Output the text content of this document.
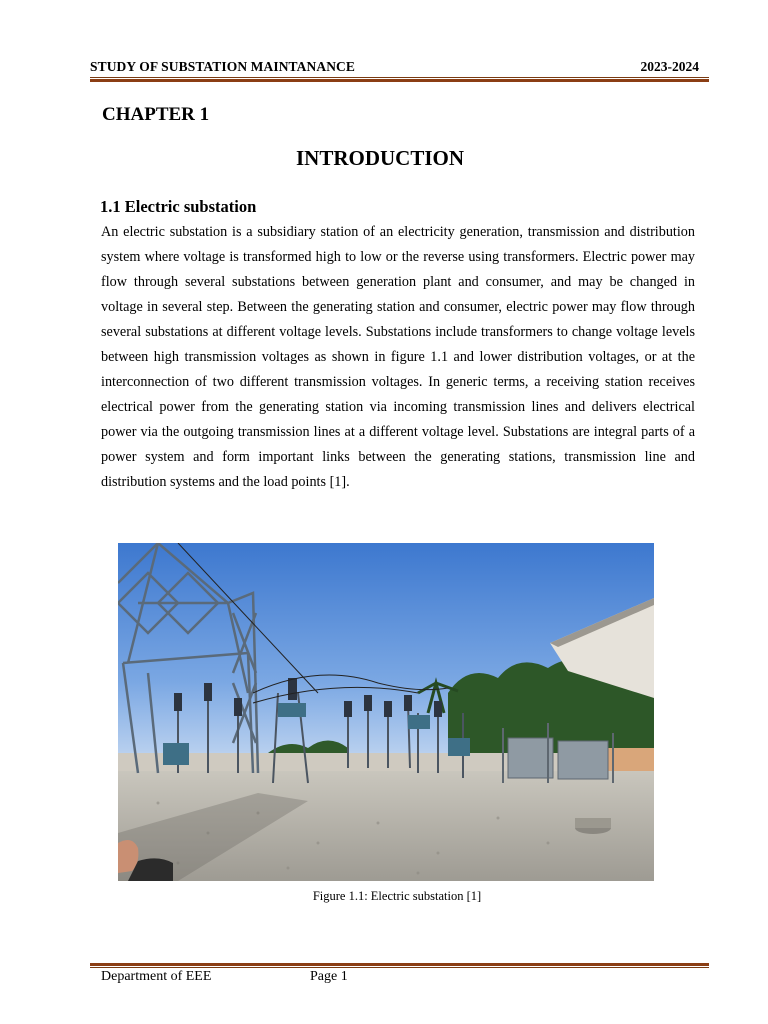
STUDY OF SUBSTATION MAINTANANCE	2023-2024
CHAPTER 1
INTRODUCTION
1.1 Electric substation

An electric substation is a subsidiary station of an electricity generation, transmission and distribution system where voltage is transformed high to low or the reverse using transformers. Electric power may flow through several substations between generation plant and consumer, and may be changed in voltage in several step. Between the generating station and consumer, electric power may flow through several substations at different voltage levels. Substations include transformers to change voltage levels between high transmission voltages as shown in figure 1.1 and lower distribution voltages, or at the interconnection of two different transmission voltages. In generic terms, a receiving station receives electrical power from the generating station via incoming transmission lines and delivers electrical power via the outgoing transmission lines at a different voltage level. Substations are integral parts of a power system and form important links between the generating stations, transmission line and distribution systems and the load points [1].

Figure 1.1: Electric substation [1]
Department of EEE	Page 1
